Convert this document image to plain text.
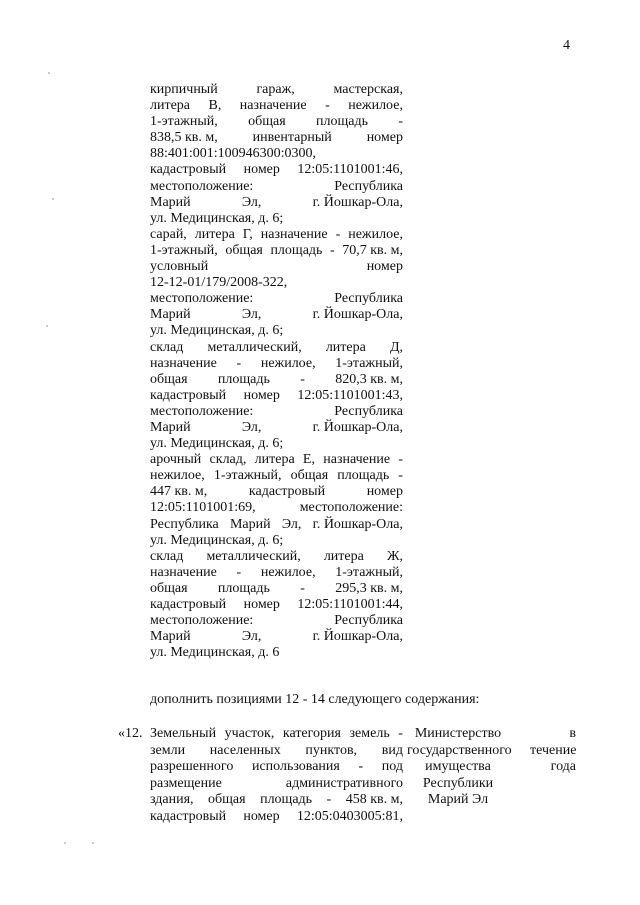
4
кирпичный	гараж,	мастерская,
литера В, назначение - нежилое,
1-этажный, общая площадь -
838,5 кв. м, инвентарный номер
88:401:001:100946300:0300,
кадастровый номер 12:05:1101001:46,
местоположение:	Республика
Марий	Эл,	г. Йошкар-Ола,
ул. Медицинская, д. 6;
сарай, литера Г, назначение - нежилое,
1-этажный, общая площадь - 70,7 кв. м,
условный	номер
12-12-01/179/2008-322,
местоположение:	Республика
Марий	Эл,	г. Йошкар-Ола,
ул. Медицинская, д. 6;
склад металлический, литера Д,
назначение - нежилое, 1-этажный,
общая площадь - 820,3 кв. м,
кадастровый номер 12:05:1101001:43,
местоположение:	Республика
Марий	Эл,	г. Йошкар-Ола,
ул. Медицинская, д. 6;
арочный склад, литера Е, назначение -
нежилое, 1-этажный, общая площадь -
447 кв. м,	кадастровый	номер
12:05:1101001:69,	местоположение:
Республика Марий Эл, г. Йошкар-Ола,
ул. Медицинская, д. 6;
склад металлический, литера Ж,
назначение - нежилое, 1-этажный,
общая площадь - 295,3 кв. м,
кадастровый номер 12:05:1101001:44,
местоположение:	Республика
Марий	Эл,	г. Йошкар-Ола,
ул. Медицинская, д. 6
дополнить позициями 12 - 14 следующего содержания:
«12. Земельный участок, категория земель -
земли населенных пунктов, вид
разрешенного использования - под
размещение	административного
здания, общая площадь - 458 кв. м,
кадастровый номер 12:05:0403005:81,
Министерство
государственного
имущества
Республики
Марий Эл
в
течение
года
